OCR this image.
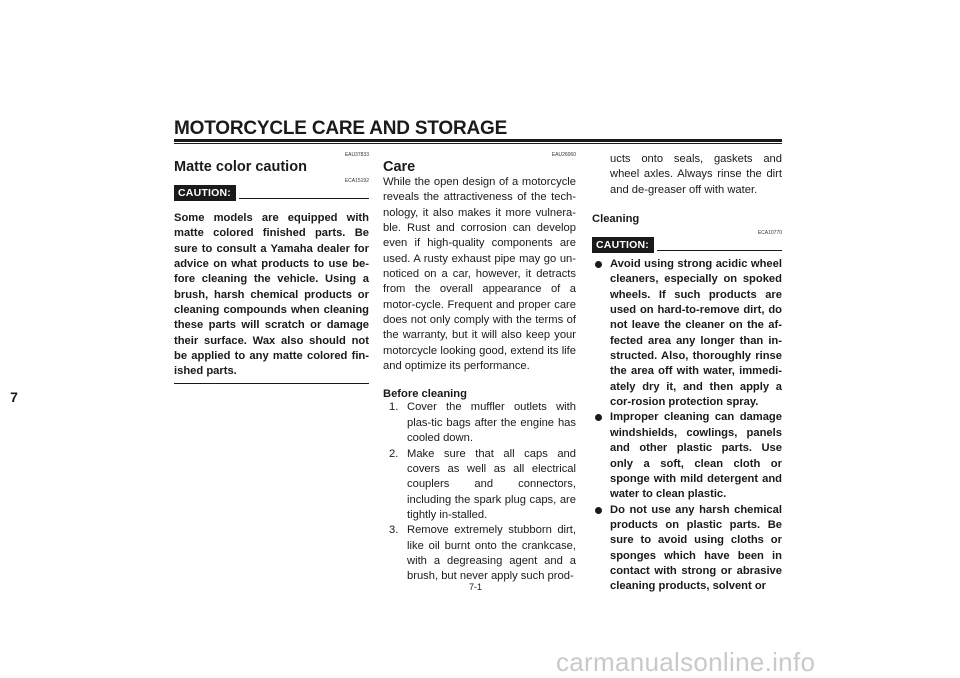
MOTORCYCLE CARE AND STORAGE
7
EAU37833
Matte color caution
ECA15192
CAUTION:
Some models are equipped with matte colored finished parts. Be sure to consult a Yamaha dealer for advice on what products to use be-fore cleaning the vehicle. Using a brush, harsh chemical products or cleaning compounds when cleaning these parts will scratch or damage their surface. Wax also should not be applied to any matte colored fin-ished parts.
EAU26060
Care
While the open design of a motorcycle reveals the attractiveness of the tech-nology, it also makes it more vulnera-ble. Rust and corrosion can develop even if high-quality components are used. A rusty exhaust pipe may go un-noticed on a car, however, it detracts from the overall appearance of a motor-cycle. Frequent and proper care does not only comply with the terms of the warranty, but it will also keep your motorcycle looking good, extend its life and optimize its performance.
Before cleaning
1. Cover the muffler outlets with plas-tic bags after the engine has cooled down.
2. Make sure that all caps and covers as well as all electrical couplers and connectors, including the spark plug caps, are tightly in-stalled.
3. Remove extremely stubborn dirt, like oil burnt onto the crankcase, with a degreasing agent and a brush, but never apply such prod-
ucts onto seals, gaskets and wheel axles. Always rinse the dirt and de-greaser off with water.
Cleaning
ECA10770
CAUTION:
Avoid using strong acidic wheel cleaners, especially on spoked wheels. If such products are used on hard-to-remove dirt, do not leave the cleaner on the af-fected area any longer than in-structed. Also, thoroughly rinse the area off with water, immedi-ately dry it, and then apply a cor-rosion protection spray.
Improper cleaning can damage windshields, cowlings, panels and other plastic parts. Use only a soft, clean cloth or sponge with mild detergent and water to clean plastic.
Do not use any harsh chemical products on plastic parts. Be sure to avoid using cloths or sponges which have been in contact with strong or abrasive cleaning products, solvent or
7-1
carmanualsonline.info
